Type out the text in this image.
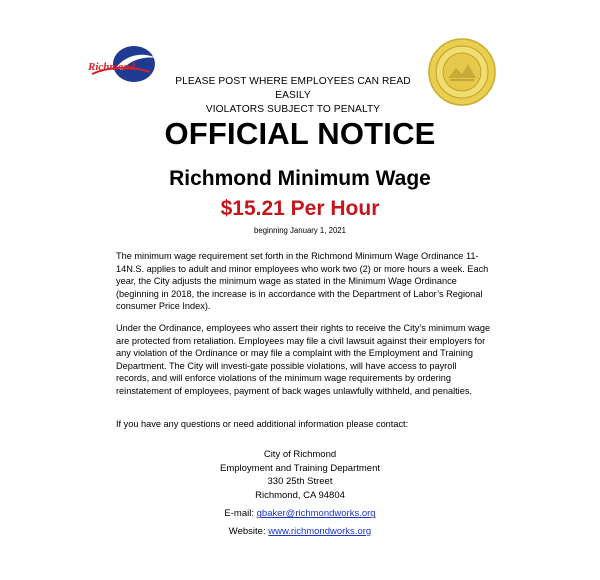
Richmond
PLEASE POST WHERE EMPLOYEES CAN READ EASILY
VIOLATORS SUBJECT TO PENALTY
OFFICIAL NOTICE
Richmond Minimum Wage
$15.21 Per Hour
beginning January 1, 2021

The minimum wage requirement set forth in the Richmond Minimum Wage Ordinance 11-14N.S. applies to adult and minor employees who work two (2) or more hours a week. Each year, the City adjusts the minimum wage as stated in the Minimum Wage Ordinance (beginning in 2018, the increase is in accordance with the Department of Labor’s Regional consumer Price Index).

Under the Ordinance, employees who assert their rights to receive the City’s minimum wage are protected from retaliation. Employees may file a civil lawsuit against their employers for any violation of the Ordinance or may file a complaint with the Employment and Training Department. The City will investi-gate possible violations, will have access to payroll records, and will enforce violations of the minimum wage requirements by ordering reinstatement of employees, payment of back wages unlawfully withheld, and penalties.

If you have any questions or need additional information please contact:

City of Richmond
Employment and Training Department
330 25th Street
Richmond, CA 94804
E-mail: gbaker@richmondworks.org
Website: www.richmondworks.org
